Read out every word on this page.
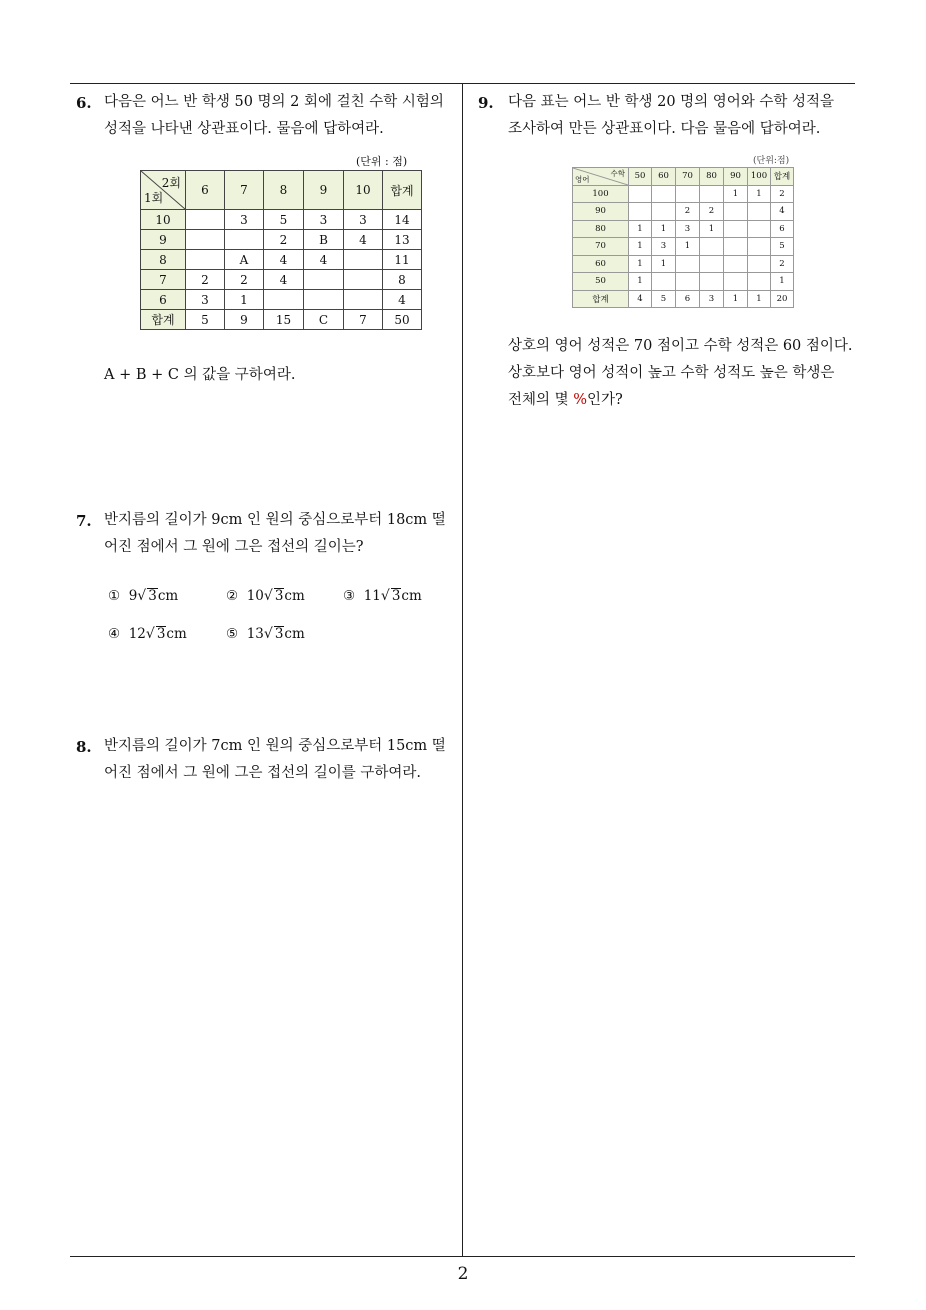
6. 다음은 어느 반 학생 50 명의 2 회에 걸친 수학 시험의
성적을 나타낸 상관표이다. 물음에 답하여라.
(단위 : 점)
2회
1회	6	7	8	9	10	합계
10		3	5	3	3	14
9			2	B	4	13
8		A	4	4		11
7	2	2	4			8
6	3	1				4
합계	5	9	15	C	7	50
A + B + C 의 값을 구하여라.
7. 반지름의 길이가 9cm 인 원의 중심으로부터 18cm 떨
어진 점에서 그 원에 그은 접선의 길이는?
① 9√ 3cm	② 10√ 3cm	③ 11√ 3cm
④ 12√ 3cm	⑤ 13√ 3cm
8. 반지름의 길이가 7cm 인 원의 중심으로부터 15cm 떨
어진 점에서 그 원에 그은 접선의 길이를 구하여라.
9. 다음 표는 어느 반 학생 20 명의 영어와 수학 성적을
조사하여 만든 상관표이다. 다음 물음에 답하여라.
(단위:점)
수학
영어	50	60	70	80	90	100	합계
100					1	1	2
90			2	2			4
80	1	1	3	1			6
70	1	3	1				5
60	1	1					2
50	1						1
합계	4	5	6	3	1	1	20
상호의 영어 성적은 70 점이고 수학 성적은 60 점이다.
상호보다 영어 성적이 높고 수학 성적도 높은 학생은
전체의 몇 %인가?
2
